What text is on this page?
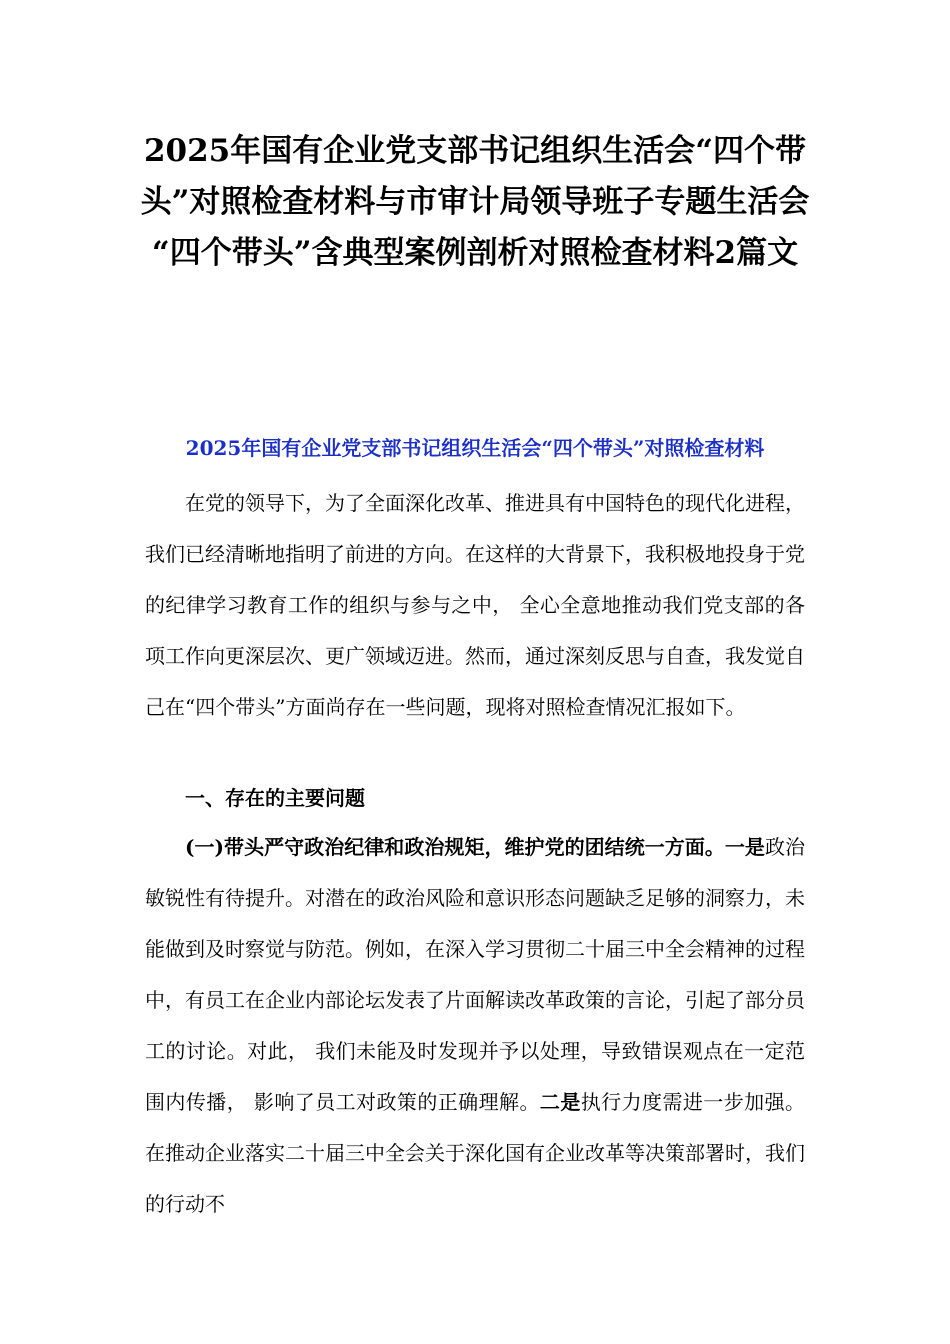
2025年国有企业党支部书记组织生活会“四个带
头”对照检查材料与市审计局领导班子专题生活会
“四个带头”含典型案例剖析对照检查材料2篇文
2025年国有企业党支部书记组织生活会“四个带头”对照检查材料

在党的领导下，为了全面深化改革、推进具有中国特色的现代化进程，我们已经清晰地指明了前进的方向。在这样的大背景下，我积极地投身于党的纪律学习教育工作的组织与参与之中， 全心全意地推动我们党支部的各项工作向更深层次、更广领域迈进。然而，通过深刻反思与自查，我发觉自己在“四个带头”方面尚存在一些问题，现将对照检查情况汇报如下。

一、存在的主要问题

(一)带头严守政治纪律和政治规矩，维护党的团结统一方面。一是政治敏锐性有待提升。对潜在的政治风险和意识形态问题缺乏足够的洞察力，未能做到及时察觉与防范。例如，在深入学习贯彻二十届三中全会精神的过程中，有员工在企业内部论坛发表了片面解读改革政策的言论，引起了部分员工的讨论。对此， 我们未能及时发现并予以处理，导致错误观点在一定范围内传播， 影响了员工对政策的正确理解。二是执行力度需进一步加强。在推动企业落实二十届三中全会关于深化国有企业改革等决策部署时，我们的行动不
